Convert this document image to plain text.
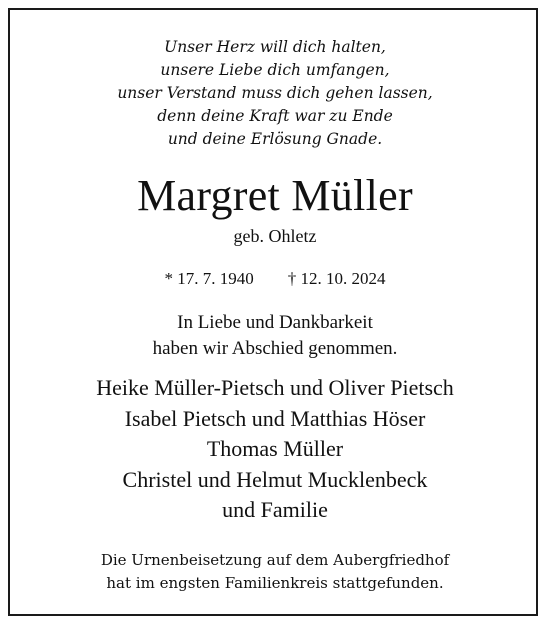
Unser Herz will dich halten,
unsere Liebe dich umfangen,
unser Verstand muss dich gehen lassen,
denn deine Kraft war zu Ende
und deine Erlösung Gnade.
Margret Müller
geb. Ohletz
* 17. 7. 1940 † 12. 10. 2024
In Liebe und Dankbarkeit
haben wir Abschied genommen.
Heike Müller-Pietsch und Oliver Pietsch
Isabel Pietsch und Matthias Höser
Thomas Müller
Christel und Helmut Mucklenbeck
und Familie
Die Urnenbeisetzung auf dem Aubergfriedhof
hat im engsten Familienkreis stattgefunden.
